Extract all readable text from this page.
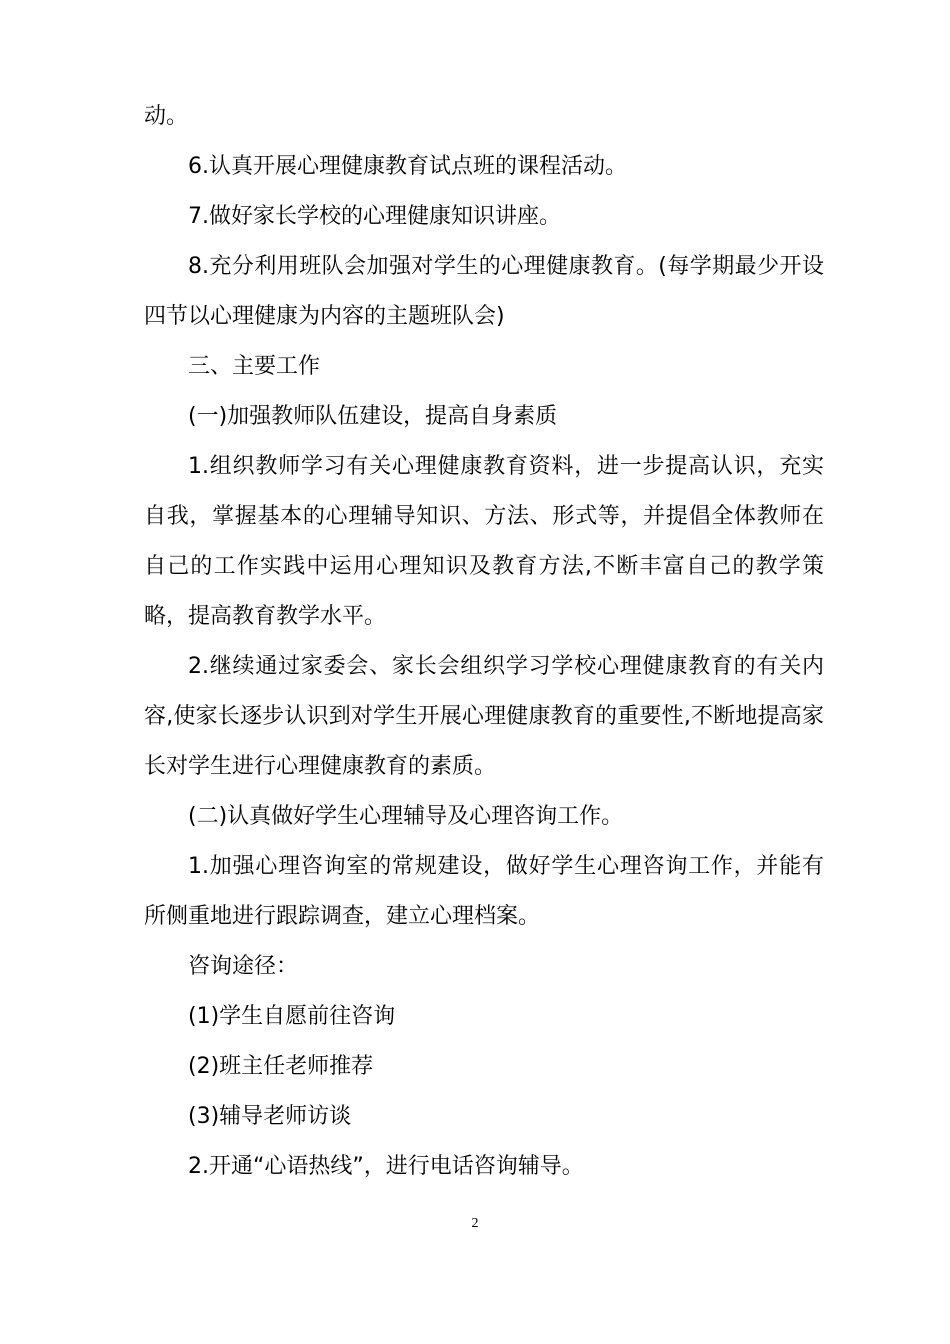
动。

6.认真开展心理健康教育试点班的课程活动。

7.做好家长学校的心理健康知识讲座。

8.充分利用班队会加强对学生的心理健康教育。(每学期最少开设四节以心理健康为内容的主题班队会)

三、主要工作

(一)加强教师队伍建设，提高自身素质

1.组织教师学习有关心理健康教育资料，进一步提高认识，充实自我，掌握基本的心理辅导知识、方法、形式等，并提倡全体教师在自己的工作实践中运用心理知识及教育方法,不断丰富自己的教学策略，提高教育教学水平。

2.继续通过家委会、家长会组织学习学校心理健康教育的有关内容,使家长逐步认识到对学生开展心理健康教育的重要性,不断地提高家长对学生进行心理健康教育的素质。

(二)认真做好学生心理辅导及心理咨询工作。

1.加强心理咨询室的常规建设，做好学生心理咨询工作，并能有所侧重地进行跟踪调查，建立心理档案。

咨询途径：

(1)学生自愿前往咨询

(2)班主任老师推荐

(3)辅导老师访谈

2.开通“心语热线”，进行电话咨询辅导。

2
